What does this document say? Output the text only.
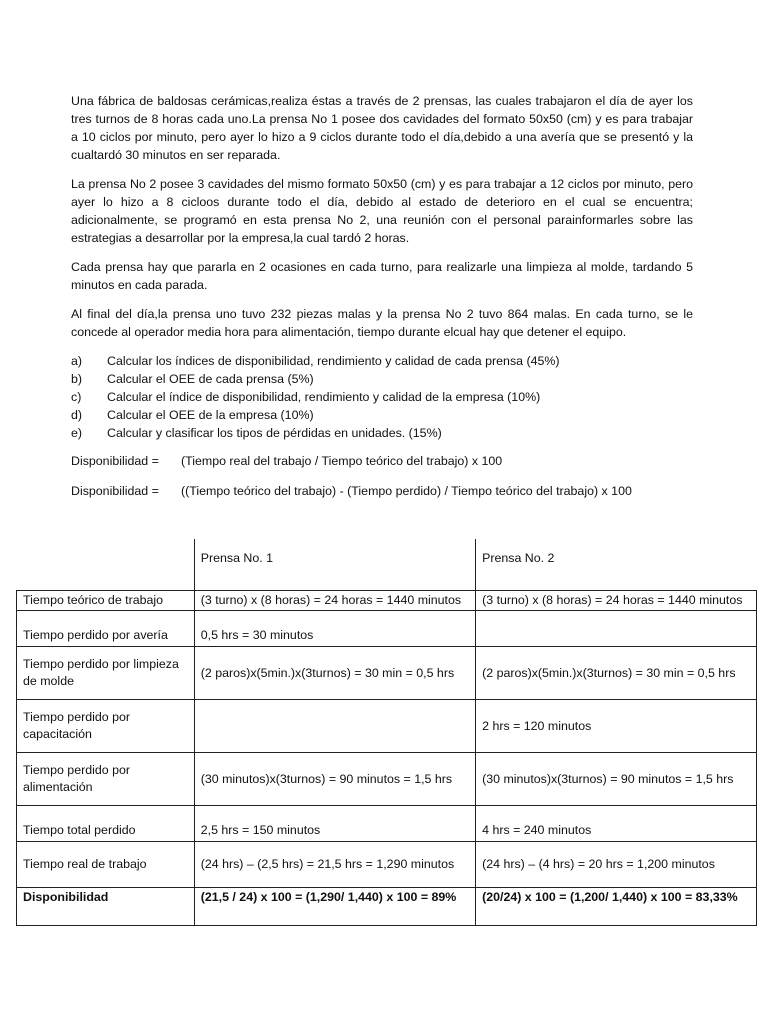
Una fábrica de baldosas cerámicas,realiza éstas a través de 2 prensas, las cuales trabajaron el día de ayer los tres turnos de 8 horas cada uno.La prensa No 1 posee dos cavidades del formato 50x50 (cm) y es para trabajar a 10 ciclos por minuto, pero ayer lo hizo a 9 ciclos durante todo el día,debido a una avería que se presentó y la cualtardó 30 minutos en ser reparada.

La prensa No 2 posee 3 cavidades del mismo formato 50x50 (cm) y es para trabajar a 12 ciclos por minuto, pero ayer lo hizo a 8 cicloos durante todo el día, debido al estado de deterioro en el cual se encuentra; adicionalmente, se programó en esta prensa No 2, una reunión con el personal parainformarles sobre las estrategias a desarrollar por la empresa,la cual tardó 2 horas.

Cada prensa hay que pararla en 2 ocasiones en cada turno, para realizarle una limpieza al molde, tardando 5 minutos en cada parada.

Al final del día,la prensa uno tuvo 232 piezas malas y la prensa No 2 tuvo 864 malas. En cada turno, se le concede al operador media hora para alimentación, tiempo durante elcual hay que detener el equipo.

a)	Calcular los índices de disponibilidad, rendimiento y calidad de cada prensa (45%)
b)	Calcular el OEE de cada prensa (5%)
c)	Calcular el índice de disponibilidad, rendimiento y calidad de la empresa (10%)
d)	Calcular el OEE de la empresa (10%)
e)	Calcular y clasificar los tipos de pérdidas en unidades. (15%)
Disponibilidad =	(Tiempo real del trabajo / Tiempo teórico del trabajo) x 100
Disponibilidad =	((Tiempo teórico del trabajo) - (Tiempo perdido) / Tiempo teórico del trabajo) x 100
	Prensa No. 1	Prensa No. 2
Tiempo teórico de trabajo	(3 turno) x (8 horas) = 24 horas = 1440 minutos	(3 turno) x (8 horas) = 24 horas = 1440 minutos
Tiempo perdido por avería	0,5 hrs = 30 minutos	
Tiempo perdido por limpieza de molde	(2 paros)x(5min.)x(3turnos) = 30 min = 0,5 hrs	(2 paros)x(5min.)x(3turnos) = 30 min = 0,5 hrs
Tiempo perdido por capacitación		2 hrs = 120 minutos
Tiempo perdido por alimentación	(30 minutos)x(3turnos) = 90 minutos = 1,5 hrs	(30 minutos)x(3turnos) = 90 minutos = 1,5 hrs
Tiempo total perdido	2,5 hrs = 150 minutos	4 hrs = 240 minutos
Tiempo real de trabajo	(24 hrs) – (2,5 hrs) = 21,5 hrs = 1,290 minutos	(24 hrs) – (4 hrs) = 20 hrs = 1,200 minutos
Disponibilidad	(21,5 / 24) x 100 = (1,290/ 1,440) x 100 = 89%	(20/24) x 100 = (1,200/ 1,440) x 100 = 83,33%
